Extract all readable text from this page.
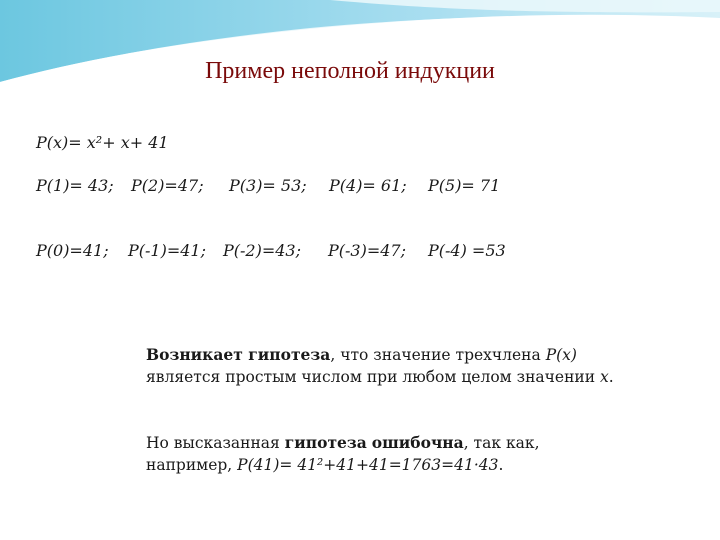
Пример неполной индукции
P(x)= x²+ x+ 41
P(1)= 43; P(2)=47; P(3)= 53; P(4)= 61; P(5)= 71
P(0)=41; P(-1)=41; P(-2)=43; P(-3)=47; P(-4) =53
Возникает гипотеза, что значение трехчлена P(x) является простым числом при любом целом значении x.
Но высказанная гипотеза ошибочна, так как, например, P(41)= 41²+41+41=1763=41·43.
